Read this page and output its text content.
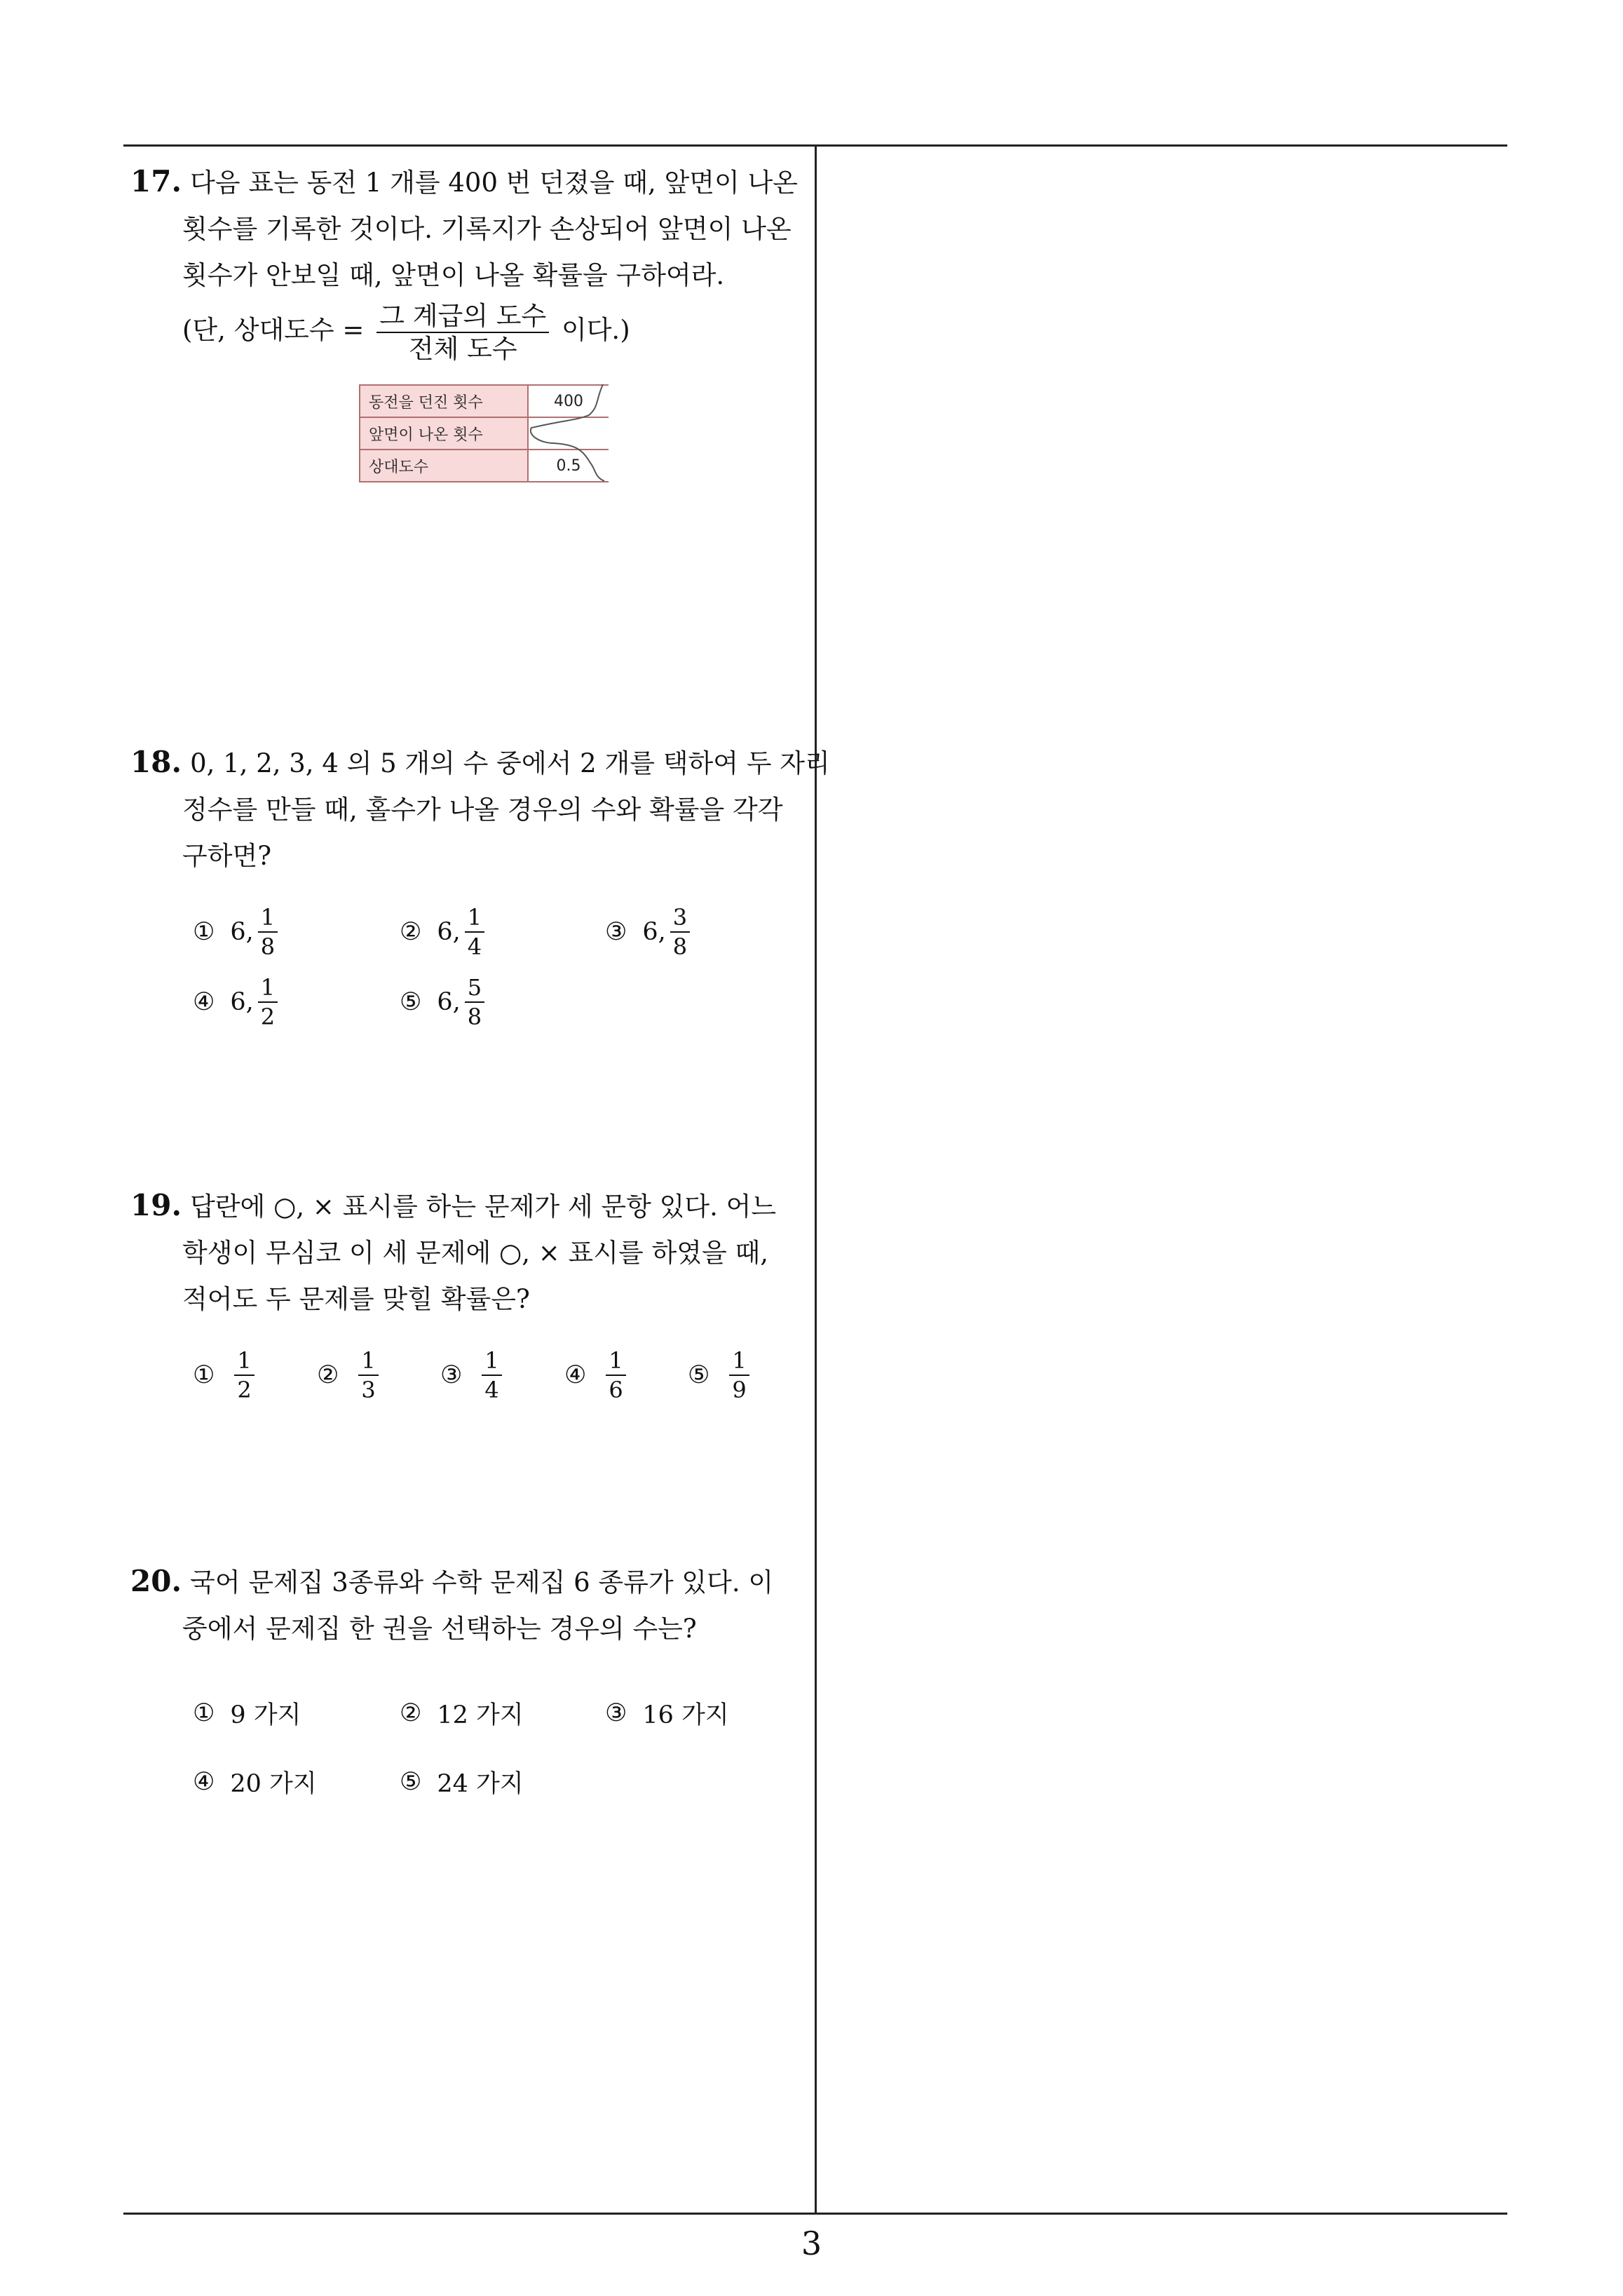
17. 다음 표는 동전 1 개를 400 번 던졌을 때, 앞면이 나온
횟수를 기록한 것이다. 기록지가 손상되어 앞면이 나온
횟수가 안보일 때, 앞면이 나올 확률을 구하여라.
(단, 상대도수 = $\frac{\text{그 계급의 도수}}{\text{전체 도수}}$ 이다.)
동전을 던진 횟수	400
앞면이 나온 횟수	
상대도수	0.5
18. 0, 1, 2, 3, 4 의 5 개의 수 중에서 2 개를 택하여 두 자리
정수를 만들 때, 홀수가 나올 경우의 수와 확률을 각각
구하면?
① 6, $\frac{1}{8}$	② 6, $\frac{1}{4}$	③ 6, $\frac{3}{8}$
④ 6, $\frac{1}{2}$	⑤ 6, $\frac{5}{8}$
19. 답란에 ○, × 표시를 하는 문제가 세 문항 있다. 어느
학생이 무심코 이 세 문제에 ○, × 표시를 하였을 때,
적어도 두 문제를 맞힐 확률은?
① $\frac{1}{2}$	② $\frac{1}{3}$	③ $\frac{1}{4}$	④ $\frac{1}{6}$	⑤ $\frac{1}{9}$
20. 국어 문제집 3종류와 수학 문제집 6 종류가 있다. 이
중에서 문제집 한 권을 선택하는 경우의 수는?
① 9 가지	② 12 가지	③ 16 가지
④ 20 가지	⑤ 24 가지
3
